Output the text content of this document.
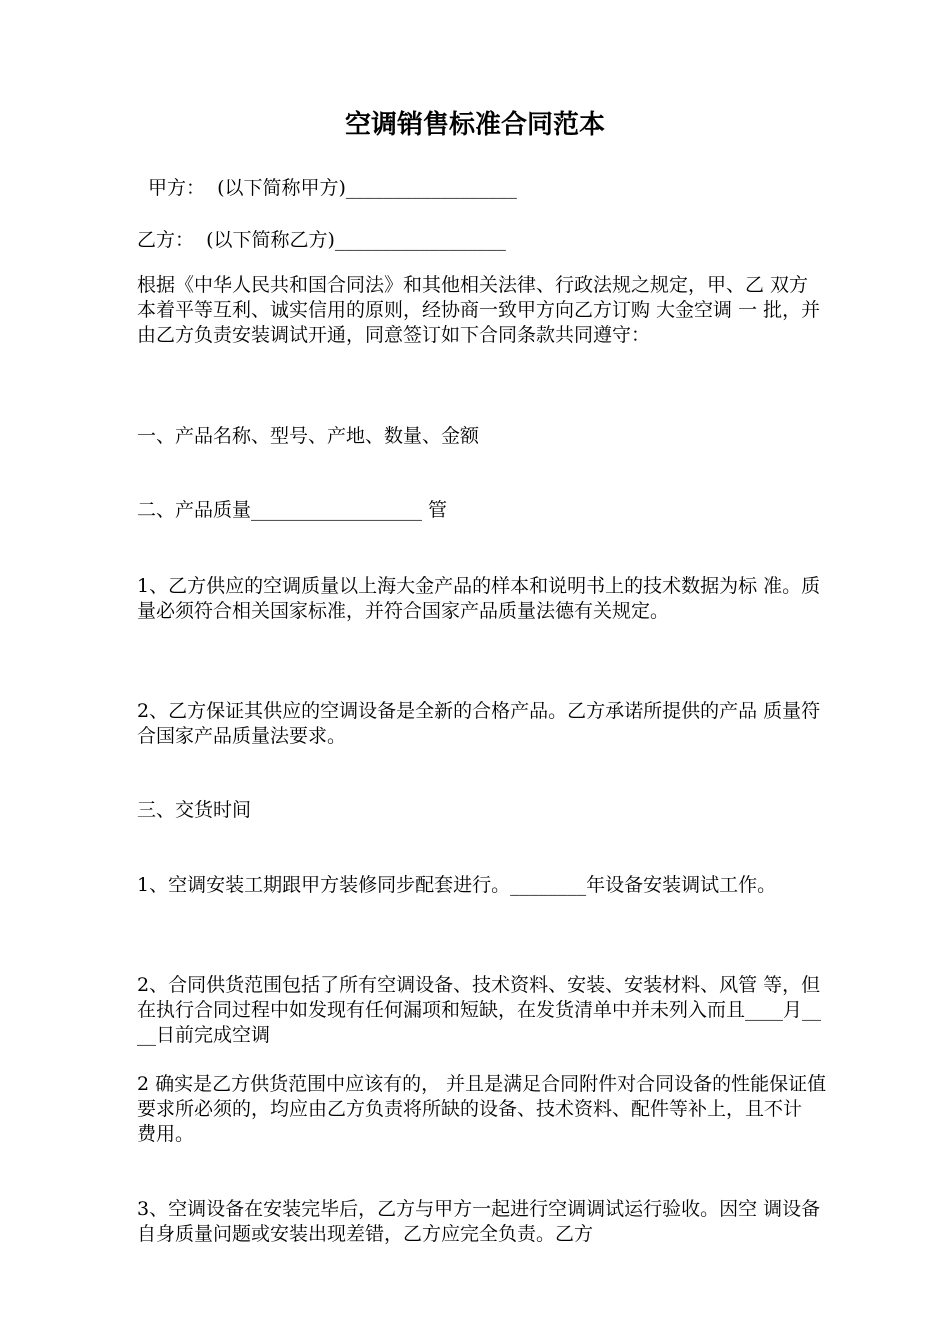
空调销售标准合同范本
甲方：  (以下简称甲方)__________________
乙方：  (以下简称乙方)__________________
根据《中华人民共和国合同法》和其他相关法律、行政法规之规定，甲、乙 双方本着平等互利、诚实信用的原则，经协商一致甲方向乙方订购 大金空调 一 批，并由乙方负责安装调试开通，同意签订如下合同条款共同遵守：
一、产品名称、型号、产地、数量、金额
二、产品质量__________________ 管
1、乙方供应的空调质量以上海大金产品的样本和说明书上的技术数据为标 准。质量必须符合相关国家标准，并符合国家产品质量法德有关规定。
2、乙方保证其供应的空调设备是全新的合格产品。乙方承诺所提供的产品 质量符合国家产品质量法要求。
三、交货时间
1、空调安装工期跟甲方装修同步配套进行。________年设备安装调试工作。
2、合同供货范围包括了所有空调设备、技术资料、安装、安装材料、风管 等，但在执行合同过程中如发现有任何漏项和短缺，在发货清单中并未列入而且____月____日前完成空调
2 确实是乙方供货范围中应该有的， 并且是满足合同附件对合同设备的性能保证值 要求所必须的，均应由乙方负责将所缺的设备、技术资料、配件等补上，且不计 费用。
3、空调设备在安装完毕后，乙方与甲方一起进行空调调试运行验收。因空 调设备自身质量问题或安装出现差错，乙方应完全负责。乙方
